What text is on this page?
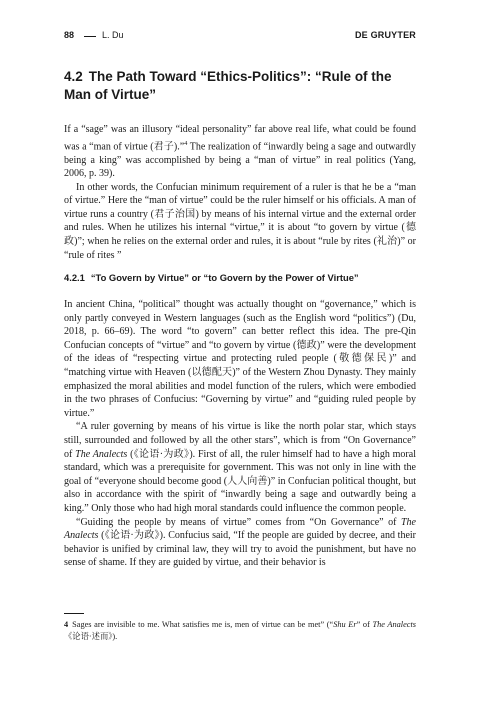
88	L. Du	DE GRUYTER
4.2 The Path Toward “Ethics-Politics”: “Rule of the Man of Virtue”

If a “sage” was an illusory “ideal personality” far above real life, what could be found was a “man of virtue (君子).”$^4$ The realization of “inwardly being a sage and outwardly being a king” was accomplished by being a “man of virtue” in real politics (Yang, 2006, p. 39).

In other words, the Confucian minimum requirement of a ruler is that he be a “man of virtue.” Here the “man of virtue” could be the ruler himself or his officials. A man of virtue runs a country (君子治国) by means of his internal virtue and the external order and rules. When he utilizes his internal “virtue,” it is about “to govern by virtue (德政)”; when he relies on the external order and rules, it is about “rule by rites (礼治)” or “rule of rites ”

4.2.1 “To Govern by Virtue” or “to Govern by the Power of Virtue”

In ancient China, “political” thought was actually thought on “governance,” which is only partly conveyed in Western languages (such as the English word “politics”) (Du, 2018, p. 66–69). The word “to govern” can better reflect this idea. The pre-Qin Confucian concepts of “virtue” and “to govern by virtue (德政)” were the development of the ideas of “respecting virtue and protecting ruled people (敬德保民)” and “matching virtue with Heaven (以德配天)” of the Western Zhou Dynasty. They mainly emphasized the moral abilities and model function of the rulers, which were embodied in the two phrases of Confucius: “Governing by virtue” and “guiding ruled people by virtue.”

“A ruler governing by means of his virtue is like the north polar star, which stays still, surrounded and followed by all the other stars”, which is from “On Governance” of The Analects (《论语·为政》). First of all, the ruler himself had to have a high moral standard, which was a prerequisite for government. This was not only in line with the goal of “everyone should become good (人人向善)” in Confucian political thought, but also in accordance with the spirit of “inwardly being a sage and outwardly being a king.” Only those who had high moral standards could influence the common people.

“Guiding the people by means of virtue” comes from “On Governance” of The Analects (《论语·为政》). Confucius said, “If the people are guided by decree, and their behavior is unified by criminal law, they will try to avoid the punishment, but have no sense of shame. If they are guided by virtue, and their behavior is

4 Sages are invisible to me. What satisfies me is, men of virtue can be met” (“Shu Er” of The Analects《论语·述而》).
